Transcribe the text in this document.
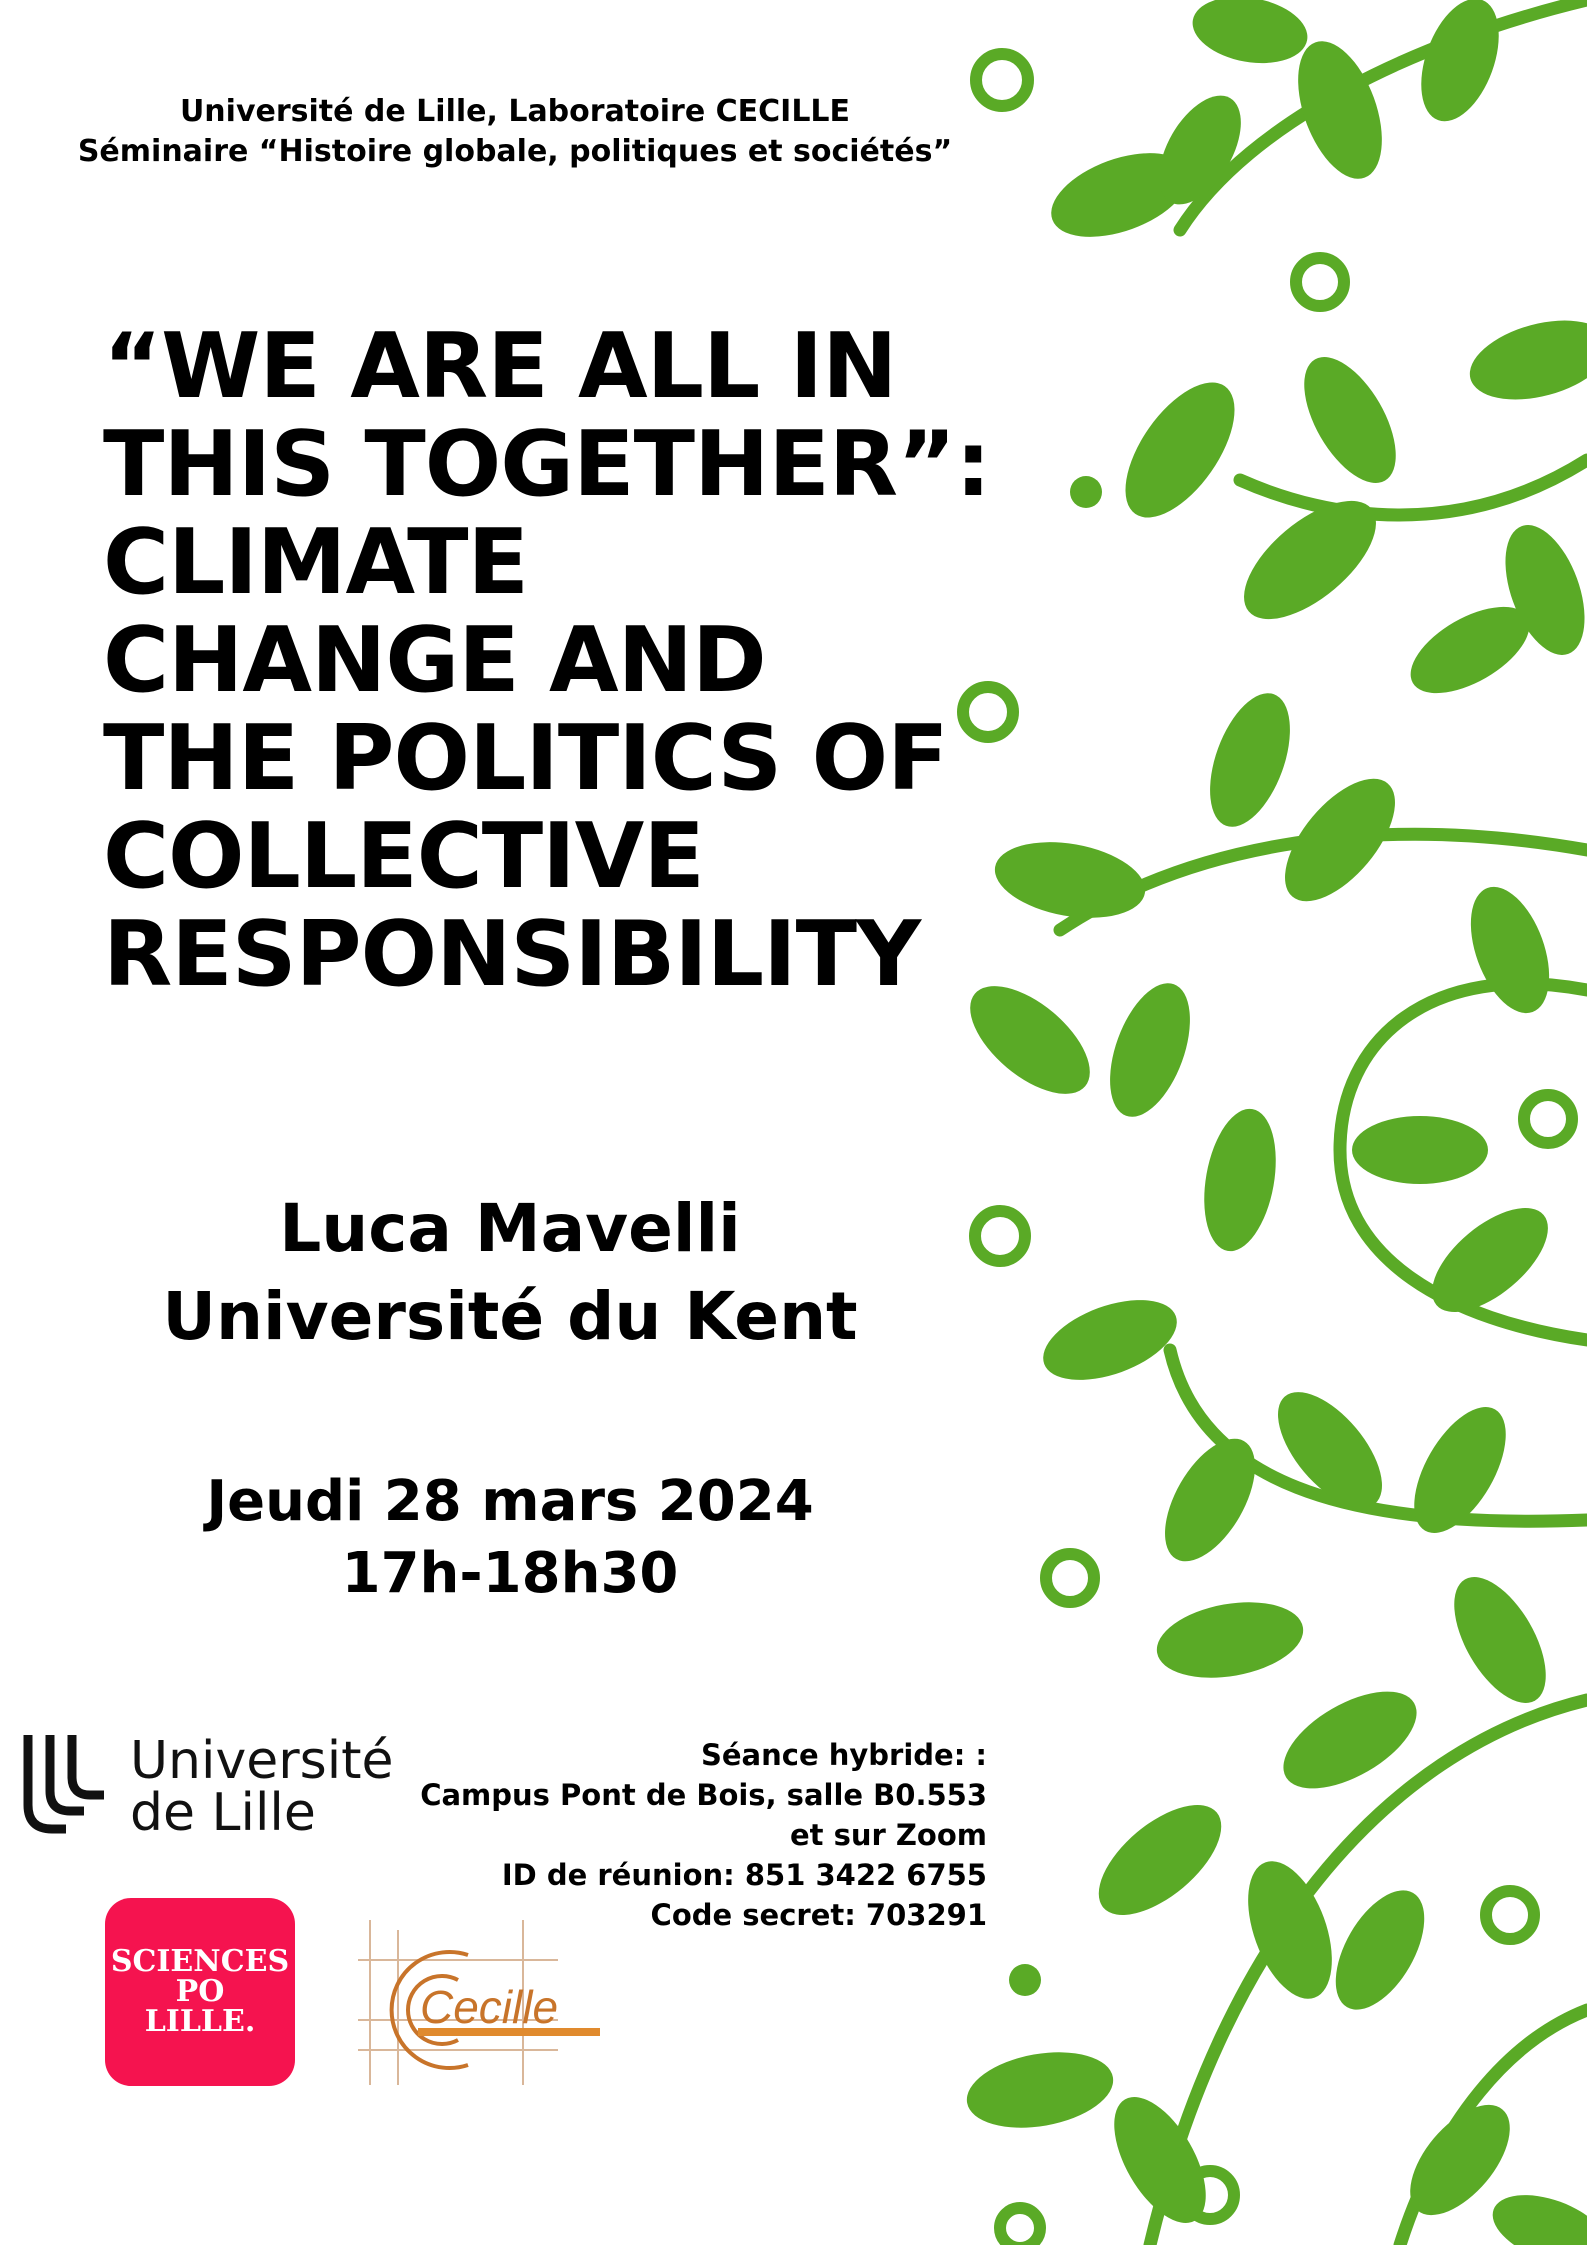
Université de Lille, Laboratoire CECILLE
Séminaire “Histoire globale, politiques et sociétés”
“WE ARE ALL IN
THIS TOGETHER”:
CLIMATE
CHANGE AND
THE POLITICS OF
COLLECTIVE
RESPONSIBILITY
Luca Mavelli
Université du Kent
Jeudi 28 mars 2024
17h-18h30
Séance hybride: :
Campus Pont de Bois, salle B0.553
et sur Zoom
ID de réunion: 851 3422 6755
Code secret: 703291
Université
de Lille
SCIENCES
PO
LILLE.	Cecille
